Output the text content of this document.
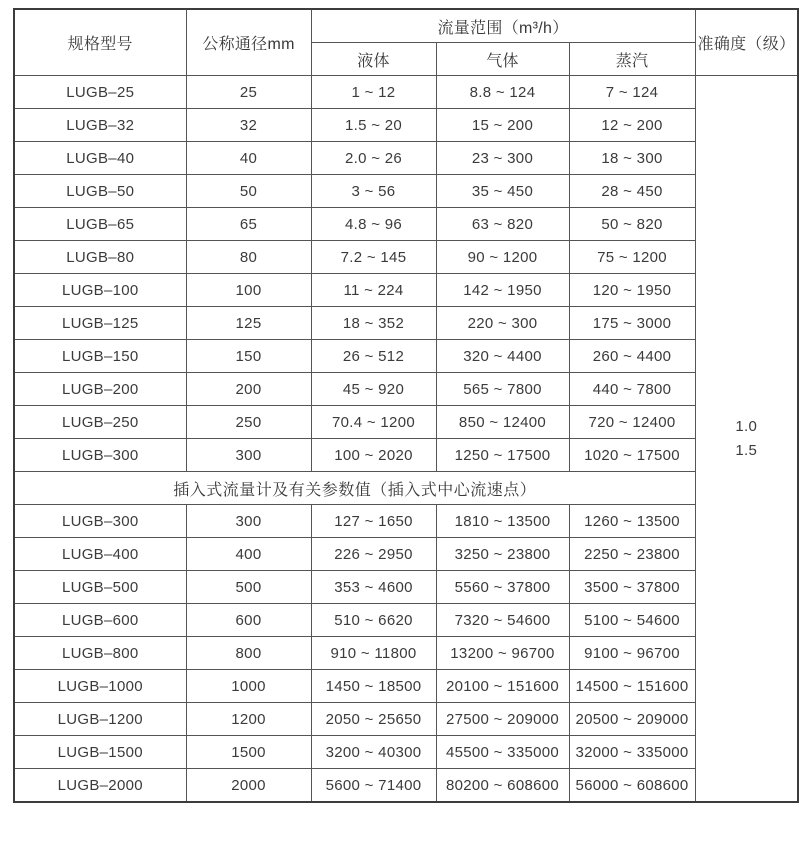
规格型号	公称通径mm	流量范围（m³/h）			准确度（级）
		液体	气体	蒸汽	
LUGB–25	25	1 ~ 12	8.8 ~ 124	7 ~ 124	1.0
1.5

LUGB–32	32	1.5 ~ 20	15 ~ 200	12 ~ 200	
LUGB–40	40	2.0 ~ 26	23 ~ 300	18 ~ 300	
LUGB–50	50	3 ~ 56	35 ~ 450	28 ~ 450	
LUGB–65	65	4.8 ~ 96	63 ~ 820	50 ~ 820	
LUGB–80	80	7.2 ~ 145	90 ~ 1200	75 ~ 1200	
LUGB–100	100	11 ~ 224	142 ~ 1950	120 ~ 1950	
LUGB–125	125	18 ~ 352	220 ~ 300	175 ~ 3000	
LUGB–150	150	26 ~ 512	320 ~ 4400	260 ~ 4400	
LUGB–200	200	45 ~ 920	565 ~ 7800	440 ~ 7800	
LUGB–250	250	70.4 ~ 1200	850 ~ 12400	720 ~ 12400	
LUGB–300	300	100 ~ 2020	1250 ~ 17500	1020 ~ 17500	
插入式流量计及有关参数值（插入式中心流速点）					
LUGB–300	300	127 ~ 1650	1810 ~ 13500	1260 ~ 13500	
LUGB–400	400	226 ~ 2950	3250 ~ 23800	2250 ~ 23800	
LUGB–500	500	353 ~ 4600	5560 ~ 37800	3500 ~ 37800	
LUGB–600	600	510 ~ 6620	7320 ~ 54600	5100 ~ 54600	
LUGB–800	800	910 ~ 11800	13200 ~ 96700	9100 ~ 96700	
LUGB–1000	1000	1450 ~ 18500	20100 ~ 151600	14500 ~ 151600	
LUGB–1200	1200	2050 ~ 25650	27500 ~ 209000	20500 ~ 209000	
LUGB–1500	1500	3200 ~ 40300	45500 ~ 335000	32000 ~ 335000	
LUGB–2000	2000	5600 ~ 71400	80200 ~ 608600	56000 ~ 608600	
